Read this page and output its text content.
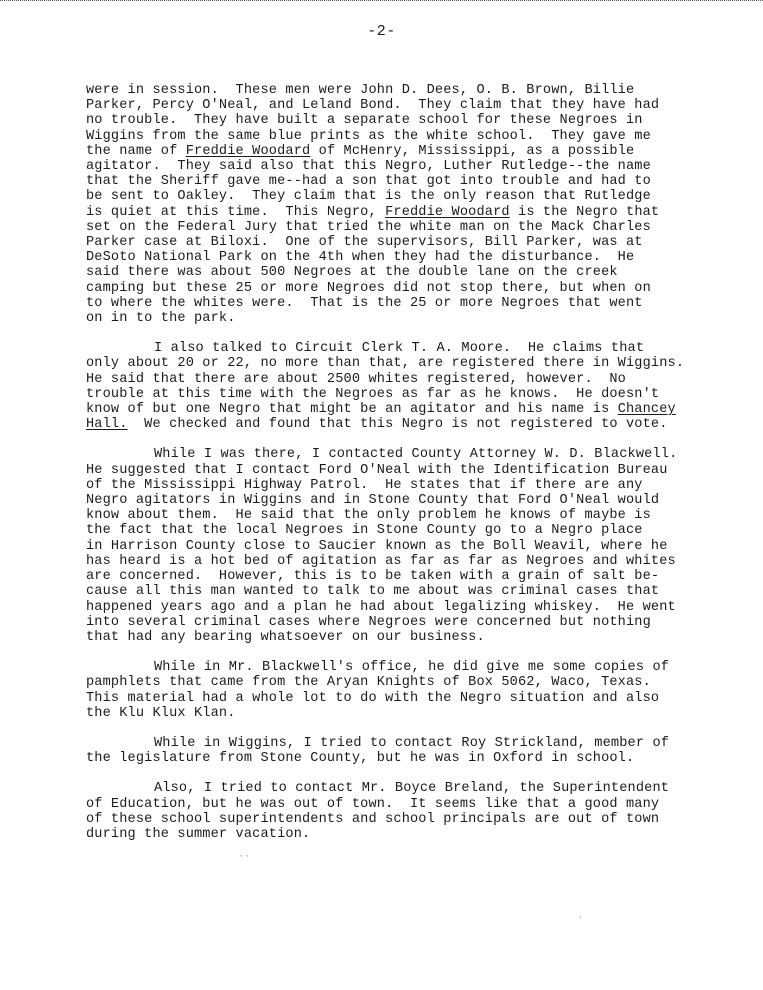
-2-
were in session.  These men were John D. Dees, O. B. Brown, Billie
Parker, Percy O'Neal, and Leland Bond.  They claim that they have had
no trouble.  They have built a separate school for these Negroes in
Wiggins from the same blue prints as the white school.  They gave me
the name of Freddie Woodard of McHenry, Mississippi, as a possible
agitator.  They said also that this Negro, Luther Rutledge--the name
that the Sheriff gave me--had a son that got into trouble and had to
be sent to Oakley.  They claim that is the only reason that Rutledge
is quiet at this time.  This Negro, Freddie Woodard is the Negro that
set on the Federal Jury that tried the white man on the Mack Charles
Parker case at Biloxi.  One of the supervisors, Bill Parker, was at
DeSoto National Park on the 4th when they had the disturbance.  He
said there was about 500 Negroes at the double lane on the creek
camping but these 25 or more Negroes did not stop there, but when on
to where the whites were.  That is the 25 or more Negroes that went
on in to the park.
I also talked to Circuit Clerk T. A. Moore.  He claims that
only about 20 or 22, no more than that, are registered there in Wiggins.
He said that there are about 2500 whites registered, however.  No
trouble at this time with the Negroes as far as he knows.  He doesn't
know of but one Negro that might be an agitator and his name is Chancey
Hall.  We checked and found that this Negro is not registered to vote.
While I was there, I contacted County Attorney W. D. Blackwell.
He suggested that I contact Ford O'Neal with the Identification Bureau
of the Mississippi Highway Patrol.  He states that if there are any
Negro agitators in Wiggins and in Stone County that Ford O'Neal would
know about them.  He said that the only problem he knows of maybe is
the fact that the local Negroes in Stone County go to a Negro place
in Harrison County close to Saucier known as the Boll Weavil, where he
has heard is a hot bed of agitation as far as far as Negroes and whites
are concerned.  However, this is to be taken with a grain of salt be-
cause all this man wanted to talk to me about was criminal cases that
happened years ago and a plan he had about legalizing whiskey.  He went
into several criminal cases where Negroes were concerned but nothing
that had any bearing whatsoever on our business.
While in Mr. Blackwell's office, he did give me some copies of
pamphlets that came from the Aryan Knights of Box 5062, Waco, Texas.
This material had a whole lot to do with the Negro situation and also
the Klu Klux Klan.
While in Wiggins, I tried to contact Roy Strickland, member of
the legislature from Stone County, but he was in Oxford in school.
Also, I tried to contact Mr. Boyce Breland, the Superintendent
of Education, but he was out of town.  It seems like that a good many
of these school superintendents and school principals are out of town
during the summer vacation.
··
·
